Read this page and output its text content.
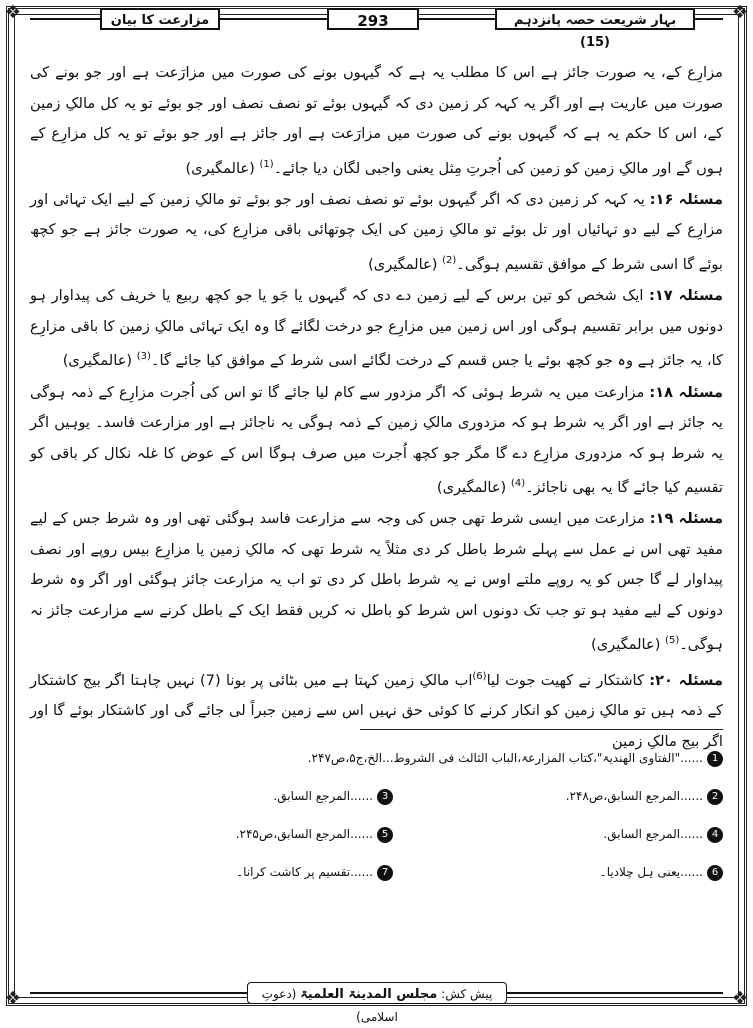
❖	❖
❖	❖
مزارعت کا بیان	293	بہارِ شریعت حصہ پانزدہم (15)

مزارِع کے، یہ صورت جائز ہے اس کا مطلب یہ ہے کہ گیہوں بونے کی صورت میں مزارَعت ہے اور جو بونے کی صورت میں عاریت ہے اور اگر یہ کہہ کر زمین دی کہ گیہوں بوئے تو نصف نصف اور جو بوئے تو یہ کل مالکِ زمین کے، اس کا حکم یہ ہے کہ گیہوں بونے کی صورت میں مزارَعت ہے اور جائز ہے اور جو بوئے تو یہ کل مزارِع کے ہوں گے اور مالکِ زمین کو زمین کی اُجرتِ مِثل یعنی واجبی لگان دیا جائے۔$^{(1)}$ (عالمگیری)

مسئلہ ۱۶: یہ کہہ کر زمین دی کہ اگر گیہوں بوئے تو نصف نصف اور جو بوئے تو مالکِ زمین کے لیے ایک تہائی اور مزارِع کے لیے دو تہائیاں اور تل بوئے تو مالکِ زمین کی ایک چوتھائی باقی مزارِع کی، یہ صورت جائز ہے جو کچھ بوئے گا اسی شرط کے موافق تقسیم ہوگی۔$^{(2)}$ (عالمگیری)

مسئلہ ۱۷: ایک شخص کو تین برس کے لیے زمین دے دی کہ گیہوں یا جَو یا جو کچھ ربیع یا خریف کی پیداوار ہو دونوں میں برابر تقسیم ہوگی اور اس زمین میں مزارِع جو درخت لگائے گا وہ ایک تہائی مالکِ زمین کا باقی مزارِع کا، یہ جائز ہے وہ جو کچھ بوئے یا جس قسم کے درخت لگائے اسی شرط کے موافق کیا جائے گا۔$^{(3)}$ (عالمگیری)

مسئلہ ۱۸: مزارعت میں یہ شرط ہوئی کہ اگر مزدور سے کام لیا جائے گا تو اس کی اُجرت مزارِع کے ذمہ ہوگی یہ جائز ہے اور اگر یہ شرط ہو کہ مزدوری مالکِ زمین کے ذمہ ہوگی یہ ناجائز ہے اور مزارعت فاسد۔ یوہیں اگر یہ شرط ہو کہ مزدوری مزارِع دے گا مگر جو کچھ اُجرت میں صرف ہوگا اس کے عوض کا غلہ نکال کر باقی کو تقسیم کیا جائے گا یہ بھی ناجائز۔$^{(4)}$ (عالمگیری)

مسئلہ ۱۹: مزارعت میں ایسی شرط تھی جس کی وجہ سے مزارعت فاسد ہوگئی تھی اور وہ شرط جس کے لیے مفید تھی اس نے عمل سے پہلے شرط باطل کر دی مثلاً یہ شرط تھی کہ مالکِ زمین یا مزارِع بیس روپے اور نصف پیداوار لے گا جس کو یہ روپے ملتے اوس نے یہ شرط باطل کر دی تو اب یہ مزارعت جائز ہوگئی اور اگر وہ شرط دونوں کے لیے مفید ہو تو جب تک دونوں اس شرط کو باطل نہ کریں فقط ایک کے باطل کرنے سے مزارعت جائز نہ ہوگی۔$^{(5)}$ (عالمگیری)

مسئلہ ۲۰: کاشتکار نے کھیت جوت لیا$^{(6)}$اب مالکِ زمین کہتا ہے میں بٹائی پر بونا (7) نہیں چاہتا اگر بیج کاشتکار کے ذمہ ہیں تو مالکِ زمین کو انکار کرنے کا کوئی حق نہیں اس سے زمین جبراً لی جائے گی اور کاشتکار بوئے گا اور اگر بیج مالکِ زمین

1......"الفتاوی الھندیۃ"،کتاب المزارعۃ،الباب الثالث فی الشروط...الخ،ج۵،ص۲۴۷.
2......المرجع السابق،ص۲۴۸.
3......المرجع السابق.
4......المرجع السابق.
5......المرجع السابق،ص۲۴۵.
6......یعنی ہل چلادیا۔
7......تقسیم پر کاشت کرانا۔
پیش کش: مجلس المدینۃ العلمیۃ (دعوتِ اسلامی)
